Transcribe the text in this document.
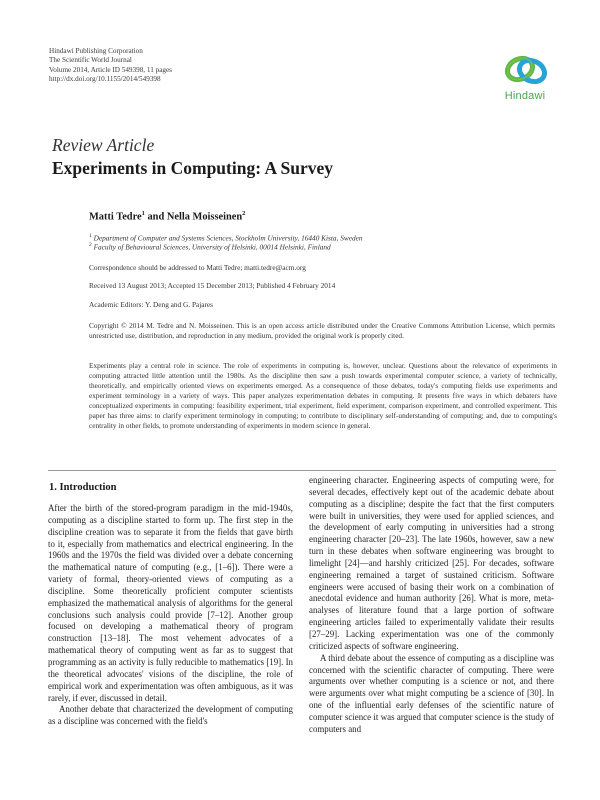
Hindawi Publishing Corporation
The Scientific World Journal
Volume 2014, Article ID 549398, 11 pages
http://dx.doi.org/10.1155/2014/549398
Hindawi
Review Article
Experiments in Computing: A Survey
Matti Tedre$^1$ and Nella Moisseinen$^2$
$^1$ Department of Computer and Systems Sciences, Stockholm University, 16440 Kista, Sweden
$^2$ Faculty of Behavioural Sciences, University of Helsinki, 00014 Helsinki, Finland
Correspondence should be addressed to Matti Tedre; matti.tedre@acm.org
Received 13 August 2013; Accepted 15 December 2013; Published 4 February 2014
Academic Editors: Y. Deng and G. Pajares
Copyright © 2014 M. Tedre and N. Moisseinen. This is an open access article distributed under the Creative Commons Attribution License, which permits unrestricted use, distribution, and reproduction in any medium, provided the original work is properly cited.
Experiments play a central role in science. The role of experiments in computing is, however, unclear. Questions about the relevance of experiments in computing attracted little attention until the 1980s. As the discipline then saw a push towards experimental computer science, a variety of technically, theoretically, and empirically oriented views on experiments emerged. As a consequence of those debates, today's computing fields use experiments and experiment terminology in a variety of ways. This paper analyzes experimentation debates in computing. It presents five ways in which debaters have conceptualized experiments in computing: feasibility experiment, trial experiment, field experiment, comparison experiment, and controlled experiment. This paper has three aims: to clarify experiment terminology in computing; to contribute to disciplinary self-understanding of computing; and, due to computing's centrality in other fields, to promote understanding of experiments in modern science in general.
1. Introduction

After the birth of the stored-program paradigm in the mid-1940s, computing as a discipline started to form up. The first step in the discipline creation was to separate it from the fields that gave birth to it, especially from mathematics and electrical engineering. In the 1960s and the 1970s the field was divided over a debate concerning the mathematical nature of computing (e.g., [1–6]). There were a variety of formal, theory-oriented views of computing as a discipline. Some theoretically proficient computer scientists emphasized the mathematical analysis of algorithms for the general conclusions such analysis could provide [7–12]. Another group focused on developing a mathematical theory of program construction [13–18]. The most vehement advocates of a mathematical theory of computing went as far as to suggest that programming as an activity is fully reducible to mathematics [19]. In the theoretical advocates' visions of the discipline, the role of empirical work and experimentation was often ambiguous, as it was rarely, if ever, discussed in detail.

Another debate that characterized the development of computing as a discipline was concerned with the field's

engineering character. Engineering aspects of computing were, for several decades, effectively kept out of the academic debate about computing as a discipline; despite the fact that the first computers were built in universities, they were used for applied sciences, and the development of early computing in universities had a strong engineering character [20–23]. The late 1960s, however, saw a new turn in these debates when software engineering was brought to limelight [24]—and harshly criticized [25]. For decades, software engineering remained a target of sustained criticism. Software engineers were accused of basing their work on a combination of anecdotal evidence and human authority [26]. What is more, meta-analyses of literature found that a large portion of software engineering articles failed to experimentally validate their results [27–29]. Lacking experimentation was one of the commonly criticized aspects of software engineering.

A third debate about the essence of computing as a discipline was concerned with the scientific character of computing. There were arguments over whether computing is a science or not, and there were arguments over what might computing be a science of [30]. In one of the influential early defenses of the scientific nature of computer science it was argued that computer science is the study of computers and
